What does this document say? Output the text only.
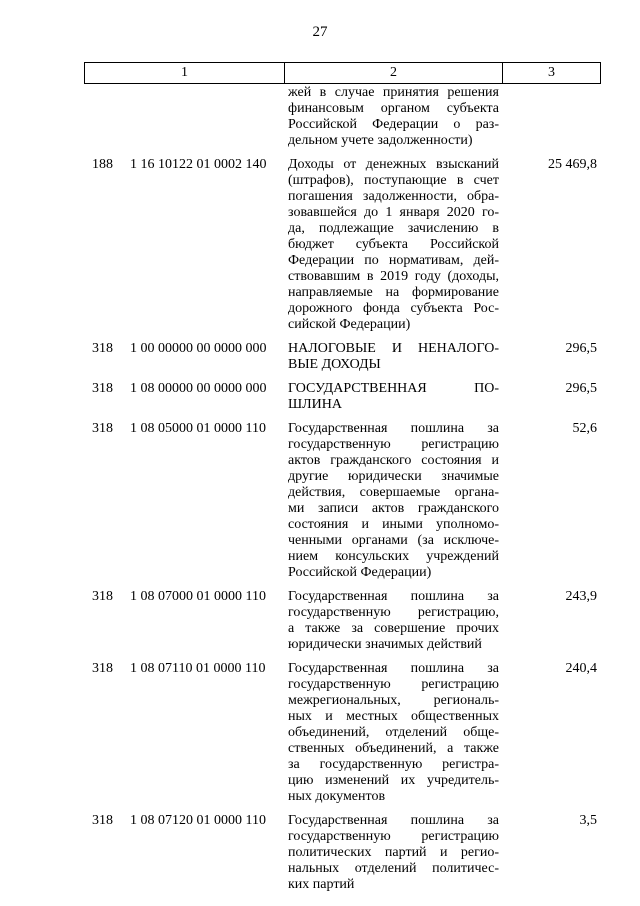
27
1	2	3
жей в случае принятия решения
финансовым органом субъекта
Российской Федерации о раз-
дельном учете задолженности)
188 1 16 10122 01 0002 140 Доходы от денежных взысканий
(штрафов), поступающие в счет
погашения задолженности, обра-
зовавшейся до 1 января 2020 го-
да, подлежащие зачислению в
бюджет субъекта Российской
Федерации по нормативам, дей-
ствовавшим в 2019 году (доходы,
направляемые на формирование
дорожного фонда субъекта Рос-
сийской Федерации)
25 469,8
318 1 00 00000 00 0000 000 НАЛОГОВЫЕ И НЕНАЛОГО-
ВЫЕ ДОХОДЫ
296,5
318 1 08 00000 00 0000 000 ГОСУДАРСТВЕННАЯ ПО-
ШЛИНА
296,5
318 1 08 05000 01 0000 110 Государственная пошлина за
государственную регистрацию
актов гражданского состояния и
другие юридически значимые
действия, совершаемые органа-
ми записи актов гражданского
состояния и иными уполномо-
ченными органами (за исключе-
нием консульских учреждений
Российской Федерации)
52,6
318 1 08 07000 01 0000 110 Государственная пошлина за
государственную регистрацию,
а также за совершение прочих
юридически значимых действий
243,9
318 1 08 07110 01 0000 110 Государственная пошлина за
государственную регистрацию
межрегиональных, региональ-
ных и местных общественных
объединений, отделений обще-
ственных объединений, а также
за государственную регистра-
цию изменений их учредитель-
ных документов
240,4
318 1 08 07120 01 0000 110 Государственная пошлина за
государственную регистрацию
политических партий и регио-
нальных отделений политичес-
ких партий
3,5
